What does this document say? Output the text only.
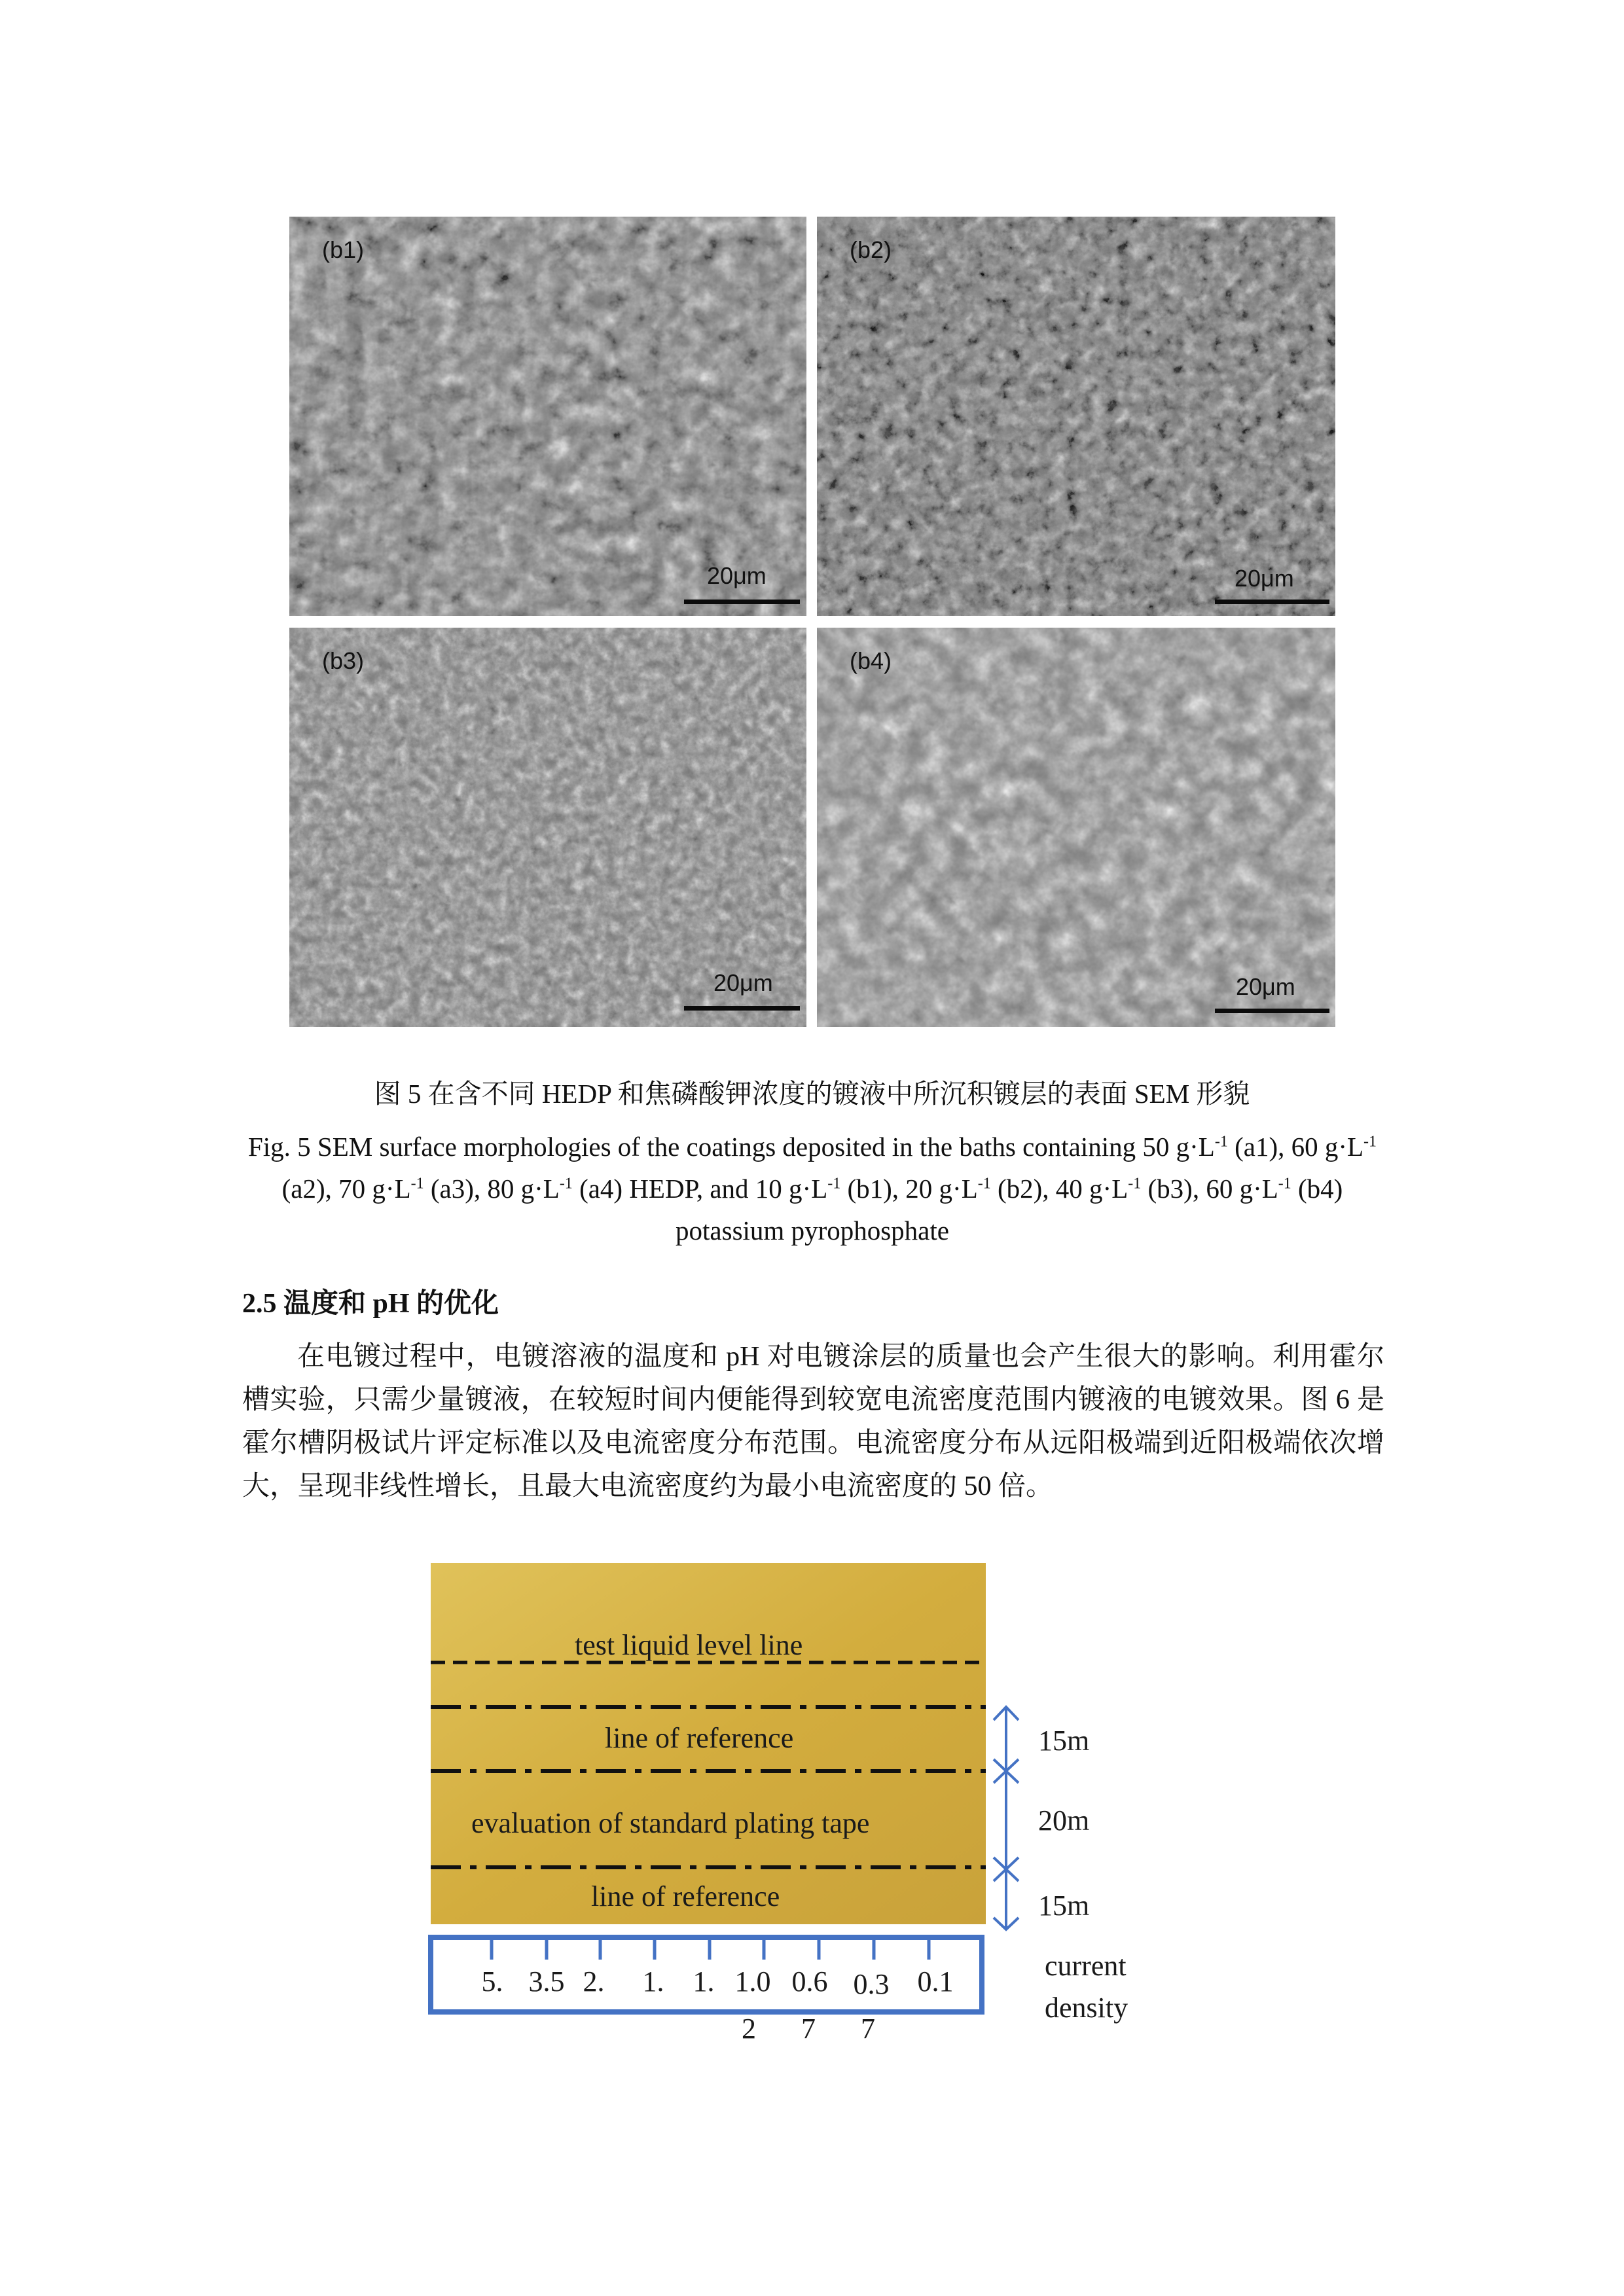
(b1)
20μm
(b2)
20μm
(b3)
20μm
(b4)
20μm
图 5 在含不同 HEDP 和焦磷酸钾浓度的镀液中所沉积镀层的表面 SEM 形貌
Fig. 5 SEM surface morphologies of the coatings deposited in the baths containing 50 $g\cdot L^{-1}$ (a1), 60 $g\cdot L^{-1}$ (a2), 70 $g\cdot L^{-1}$ (a3), 80 $g\cdot L^{-1}$ (a4) HEDP, and 10 $g\cdot L^{-1}$ (b1), 20 $g\cdot L^{-1}$ (b2), 40 $g\cdot L^{-1}$ (b3), 60 $g\cdot L^{-1}$ (b4) potassium pyrophosphate
2.5 温度和 pH 的优化
在电镀过程中，电镀溶液的温度和 pH 对电镀涂层的质量也会产生很大的影响。利用霍尔槽实验，只需少量镀液，在较短时间内便能得到较宽电流密度范围内镀液的电镀效果。图 6 是霍尔槽阴极试片评定标准以及电流密度分布范围。电流密度分布从远阳极端到近阳极端依次增大，呈现非线性增长，且最大电流密度约为最小电流密度的 50 倍。
test liquid level line
line of reference
evaluation of standard plating tape
line of reference
15m
20m
15m
current
density
5. 3.5 2.	1.	1. 1.0 0.6 0.3 0.1
2 7 7
